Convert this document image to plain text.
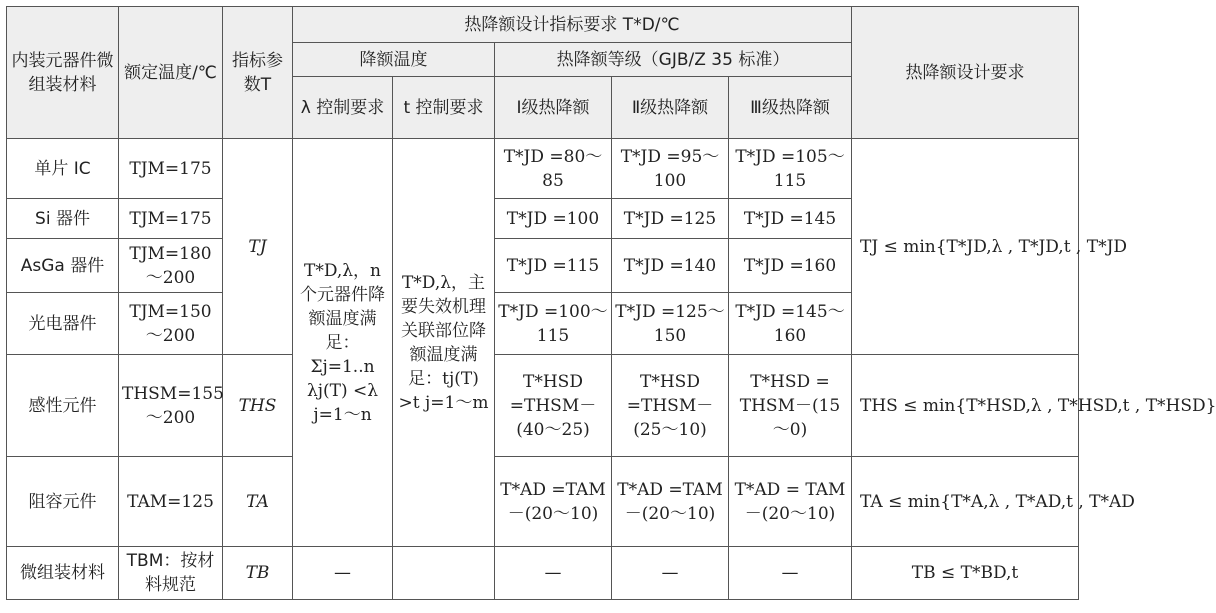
内装元器件微组装材料	额定温度/℃	指标参数T	热降额设计指标要求 T*D/℃					热降额设计要求
			降额温度		热降额等级（GJB/Z 35 标准）			
			λ 控制要求	t 控制要求	Ⅰ级热降额	Ⅱ级热降额	Ⅲ级热降额	
单片 IC	TJM=175	TJ	T*D,λ，n个元器件降额温度满足：Σj=1..n λj(T) <λ j=1～n	T*D,λ，主要失效机理关联部位降额温度满足：tj(T) >t j=1～m	T*JD =80～85	T*JD =95～100	T*JD =105～115	TJ ≤ min{T*JD,λ , T*JD,t , T*JD
Si 器件	TJM=175				T*JD =100	T*JD =125	T*JD =145	
AsGa 器件	TJM=180～200				T*JD =115	T*JD =140	T*JD =160	
光电器件	TJM=150～200				T*JD =100～115	T*JD =125～150	T*JD =145～160	
感性元件	THSM=155～200	THS			T*HSD =THSM－(40～25)	T*HSD =THSM－(25～10)	T*HSD = THSM－(15～0)	THS ≤ min{T*HSD,λ , T*HSD,t , T*HSD}
阻容元件	TAM=125	TA			T*AD =TAM－(20～10)	T*AD =TAM－(20～10)	T*AD = TAM－(20～10)	TA ≤ min{T*A,λ , T*AD,t , T*AD
微组装材料	TBM：按材料规范	TB	—		—	—	—	TB ≤ T*BD,t
